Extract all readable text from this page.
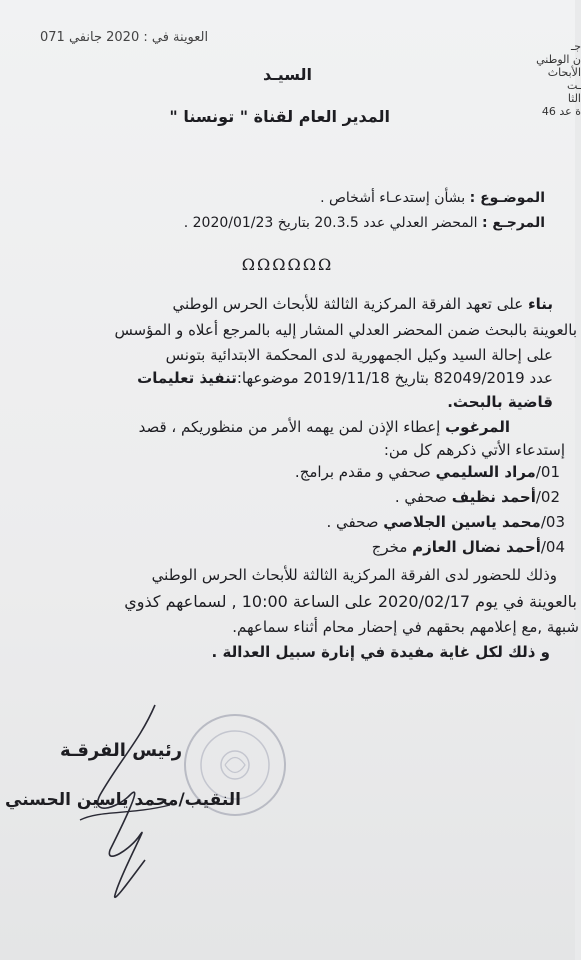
العوينة في : 2020 جانفي 071
جـ
ن الوطني
الأبحاث
ـت
الثا
ة عد 46
السيـد
المدير العام لقناة " تونسنا "
الموضـوع : بشأن إستدعـاء أشخاص .
المرجـع : المحضر العدلي عدد 20.3.5 بتاريخ 2020/01/23 .
ΩΩΩΩΩΩ
بناء على تعهد الفرقة المركزية الثالثة للأبحاث الحرس الوطني
بالعوينة بالبحث ضمن المحضر العدلي المشار إليه بالمرجع أعلاه و المؤسس
على إحالة السيد وكيل الجمهورية لدى المحكمة الابتدائية بتونس
عدد 82049/2019 بتاريخ 2019/11/18 موضوعها:تنفيذ تعليمات
قاضية بالبحث.
المرغوب إعطاء الإذن لمن يهمه الأمر من منظوريكم ، قصد
إستدعاء الأتي ذكرهم كل من:
01/مراد السليمي صحفي و مقدم برامج.
02/أحمد نظيف صحفي .
03/محمد ياسين الجلاصي صحفي .
04/أحمد نضال العازم مخرج
وذلك للحضور لدى الفرقة المركزية الثالثة للأبحاث الحرس الوطني
بالعوينة في يوم 2020/02/17 على الساعة 10:00 , لسماعهم كذوي
شبهة ,مع إعلامهم بحقهم في إحضار محام أثناء سماعهم.
و ذلك لكل غاية مفيدة في إنارة سبيل العدالة .
رئيس الفرقـة
النقيب/محمد ياسين الحسني
